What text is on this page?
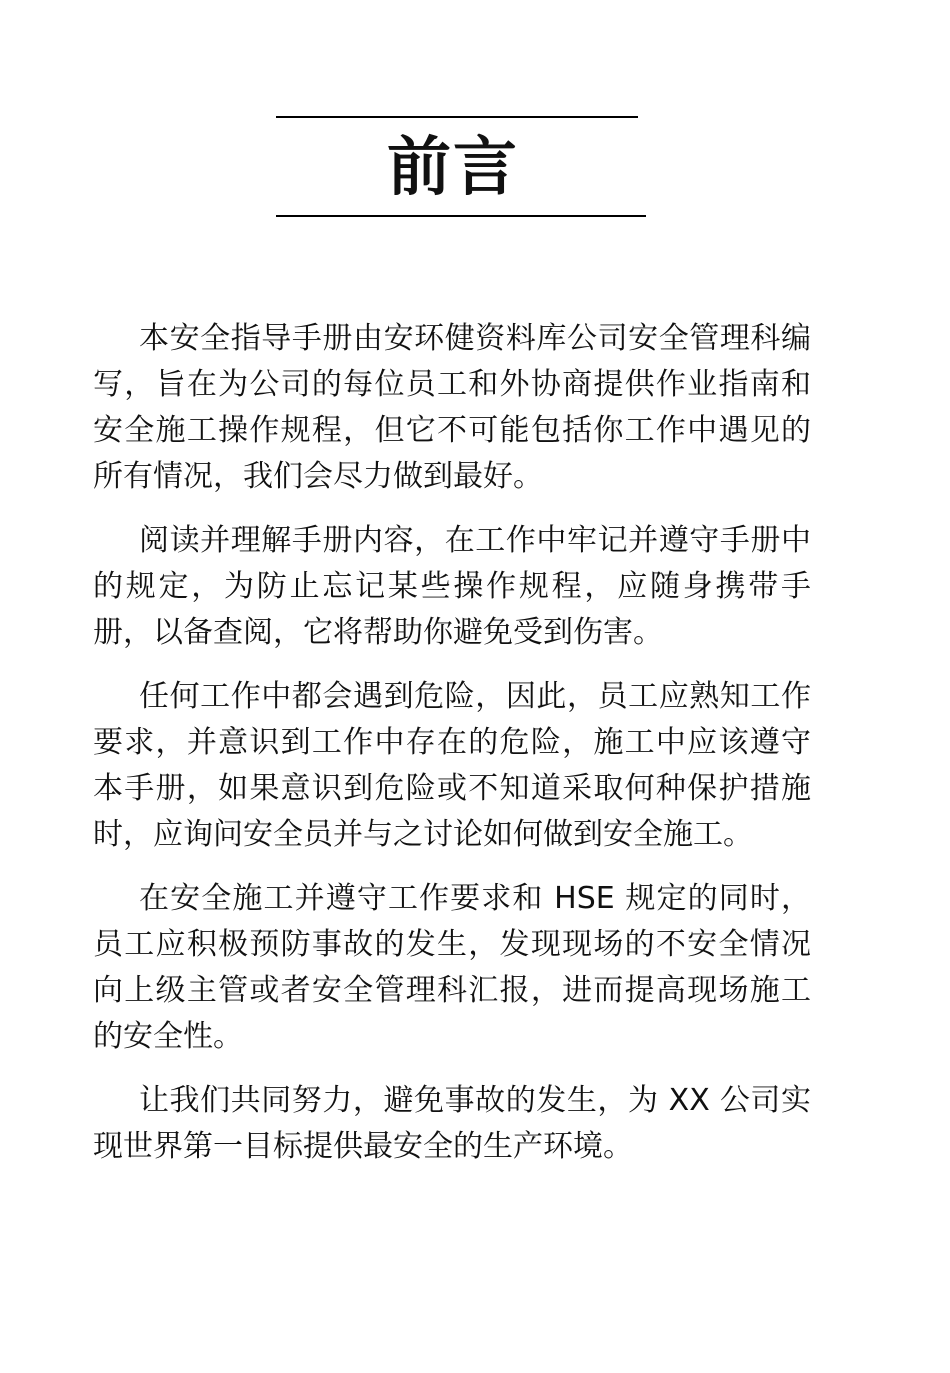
前言

本安全指导手册由安环健资料库公司安全管理科编写，旨在为公司的每位员工和外协商提供作业指南和安全施工操作规程，但它不可能包括你工作中遇见的所有情况，我们会尽力做到最好。

阅读并理解手册内容，在工作中牢记并遵守手册中的规定，为防止忘记某些操作规程，应随身携带手册，以备查阅，它将帮助你避免受到伤害。

任何工作中都会遇到危险，因此，员工应熟知工作要求，并意识到工作中存在的危险，施工中应该遵守本手册，如果意识到危险或不知道采取何种保护措施时，应询问安全员并与之讨论如何做到安全施工。

在安全施工并遵守工作要求和 HSE 规定的同时，员工应积极预防事故的发生，发现现场的不安全情况向上级主管或者安全管理科汇报，进而提高现场施工的安全性。

让我们共同努力，避免事故的发生，为 XX 公司实现世界第一目标提供最安全的生产环境。
